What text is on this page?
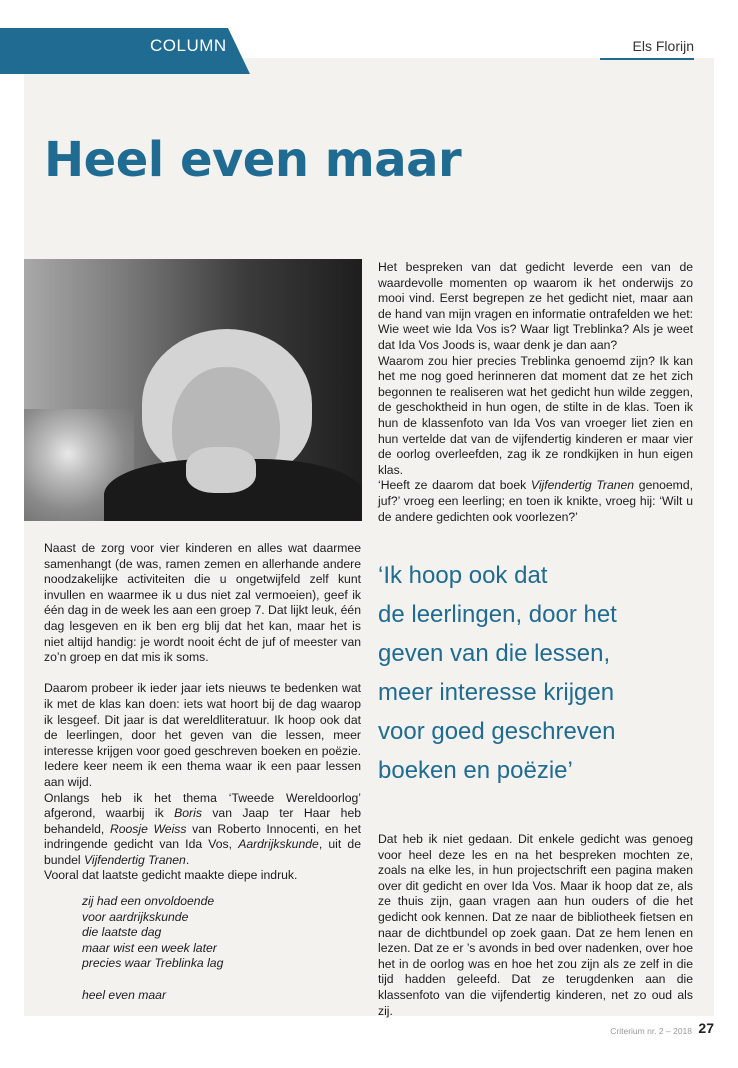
COLUMN	Els Florijn
Heel even maar

Het bespreken van dat gedicht leverde een van de waardevolle momenten op waarom ik het onderwijs zo mooi vind. Eerst begrepen ze het gedicht niet, maar aan de hand van mijn vragen en informatie ontrafelden we het: Wie weet wie Ida Vos is? Waar ligt Treblinka? Als je weet dat Ida Vos Joods is, waar denk je dan aan?

Waarom zou hier precies Treblinka genoemd zijn? Ik kan het me nog goed herinneren dat moment dat ze het zich begonnen te realiseren wat het gedicht hun wilde zeggen, de geschoktheid in hun ogen, de stilte in de klas. Toen ik hun de klassenfoto van Ida Vos van vroeger liet zien en hun vertelde dat van de vijfendertig kinderen er maar vier de oorlog overleefden, zag ik ze rondkijken in hun eigen klas.

‘Heeft ze daarom dat boek Vijfendertig Tranen genoemd, juf?’ vroeg een leerling; en toen ik knikte, vroeg hij: ‘Wilt u de andere gedichten ook voorlezen?’

‘Ik hoop ook dat
de leerlingen, door het
geven van die lessen,
meer interesse krijgen
voor goed geschreven
boeken en poëzie’

Naast de zorg voor vier kinderen en alles wat daarmee samenhangt (de was, ramen zemen en allerhande andere noodzakelijke activiteiten die u ongetwijfeld zelf kunt invullen en waarmee ik u dus niet zal vermoeien), geef ik één dag in de week les aan een groep 7. Dat lijkt leuk, één dag lesgeven en ik ben erg blij dat het kan, maar het is niet altijd handig: je wordt nooit écht de juf of meester van zo’n groep en dat mis ik soms.

Daarom probeer ik ieder jaar iets nieuws te bedenken wat ik met de klas kan doen: iets wat hoort bij de dag waarop ik lesgeef. Dit jaar is dat wereldliteratuur. Ik hoop ook dat de leerlingen, door het geven van die lessen, meer interesse krijgen voor goed geschreven boeken en poëzie. Iedere keer neem ik een thema waar ik een paar lessen aan wijd.

Onlangs heb ik het thema ‘Tweede Wereldoorlog’ afgerond, waarbij ik Boris van Jaap ter Haar heb behandeld, Roosje Weiss van Roberto Innocenti, en het indringende gedicht van Ida Vos, Aardrijkskunde, uit de bundel Vijfendertig Tranen.

Vooral dat laatste gedicht maakte diepe indruk.

zij had een onvoldoende
voor aardrijkskunde
die laatste dag
maar wist een week later
precies waar Treblinka lag

heel even maar

Dat heb ik niet gedaan. Dit enkele gedicht was genoeg voor heel deze les en na het bespreken mochten ze, zoals na elke les, in hun projectschrift een pagina maken over dit gedicht en over Ida Vos. Maar ik hoop dat ze, als ze thuis zijn, gaan vragen aan hun ouders of die het gedicht ook kennen. Dat ze naar de bibliotheek fietsen en naar de dichtbundel op zoek gaan. Dat ze hem lenen en lezen. Dat ze er ’s avonds in bed over nadenken, over hoe het in de oorlog was en hoe het zou zijn als ze zelf in die tijd hadden geleefd. Dat ze terugdenken aan die klassenfoto van die vijfendertig kinderen, net zo oud als zij.

Criterium nr. 2 – 2018 27
